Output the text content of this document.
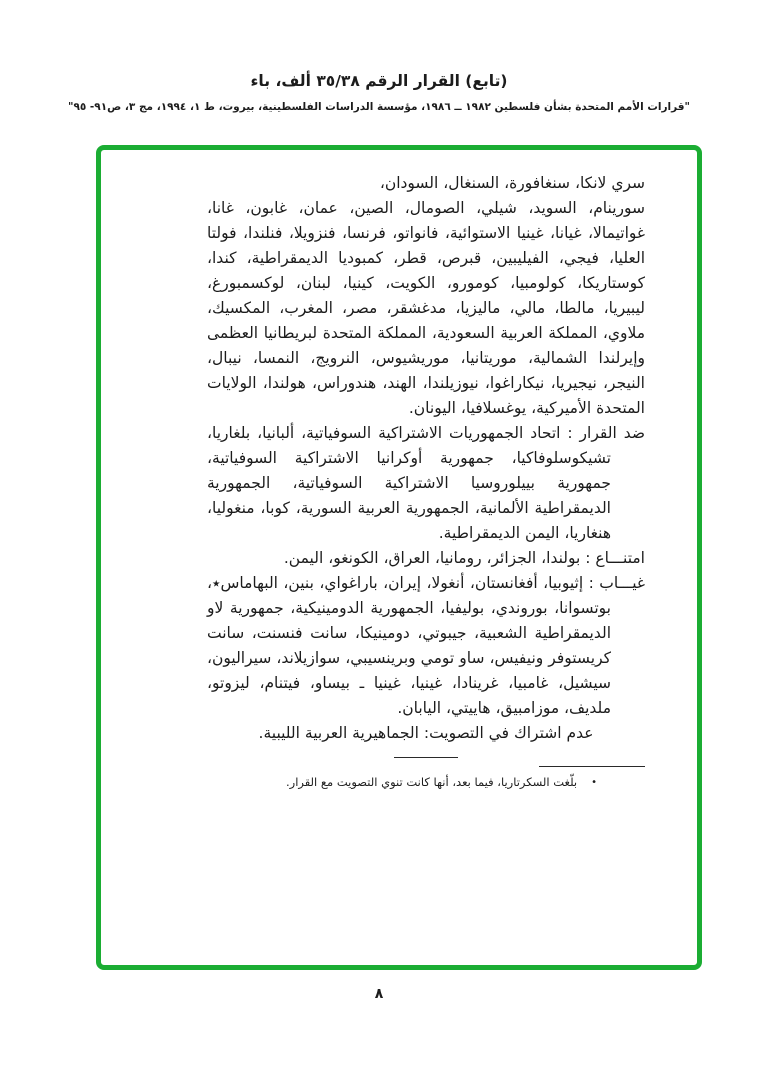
(تابع) القرار الرقم ٣٥/٣٨ ألف، باء
"قرارات الأمم المتحدة بشأن فلسطين ١٩٨٢ ــ ١٩٨٦، مؤسسة الدراسات الفلسطينية، بيروت، ط ١، ١٩٩٤، مج ٣، ص٩١- ٩٥"

سري لانكا، سنغافورة، السنغال، السودان،
سورينام، السويد، شيلي، الصومال، الصين، عمان، غابون، غانا، غواتيمالا، غيانا، غينيا الاستوائية، فانواتو، فرنسا، فنزويلا، فنلندا، فولتا العليا، فيجي، الفيليبين، قبرص، قطر، كمبوديا الديمقراطية، كندا، كوستاريكا، كولومبيا، كومورو، الكويت، كينيا، لبنان، لوكسمبورغ، ليبيريا، مالطا، مالي، ماليزيا، مدغشقر، مصر، المغرب، المكسيك، ملاوي، المملكة العربية السعودية، المملكة المتحدة لبريطانيا العظمى وإيرلندا الشمالية، موريتانيا، موريشيوس، النرويج، النمسا، نيبال، النيجر، نيجيريا، نيكاراغوا، نيوزيلندا، الهند، هندوراس، هولندا، الولايات المتحدة الأميركية، يوغسلافيا، اليونان.

ضد القرار : اتحاد الجمهوريات الاشتراكية السوفياتية، ألبانيا، بلغاريا، تشيكوسلوفاكيا، جمهورية أوكرانيا الاشتراكية السوفياتية، جمهورية بييلوروسيا الاشتراكية السوفياتية، الجمهورية الديمقراطية الألمانية، الجمهورية العربية السورية، كوبا، منغوليا، هنغاريا، اليمن الديمقراطية.

امتنـــاع : بولندا، الجزائر، رومانيا، العراق، الكونغو، اليمن.

غيـــاب : إثيوبيا، أفغانستان، أنغولا، إيران، باراغواي، بنين، البهاماس٭، بوتسوانا، بوروندي، بوليفيا، الجمهورية الدومينيكية، جمهورية لاو الديمقراطية الشعبية، جيبوتي، دومينيكا، سانت فنسنت، سانت كريستوفر ونيفيس، ساو تومي وبرينسيبي، سوازيلاند، سيراليون، سيشيل، غامبيا، غرينادا، غينيا، غينيا ـ بيساو، فيتنام، ليزوتو، ملديف، موزامبيق، هاييتي، اليابان.

عدم اشتراك في التصويت: الجماهيرية العربية الليبية.

•بلّغت السكرتاريا، فيما بعد، أنها كانت تنوي التصويت مع القرار.

٨
